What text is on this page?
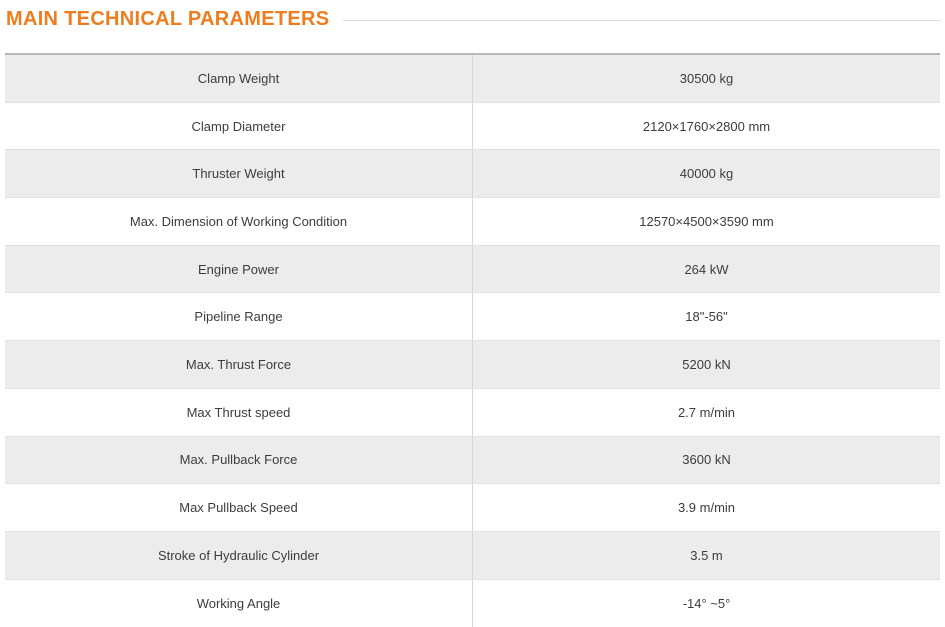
MAIN TECHNICAL PARAMETERS
Clamp Weight	30500 kg
Clamp Diameter	2120×1760×2800 mm
Thruster Weight	40000 kg
Max. Dimension of Working Condition	12570×4500×3590 mm
Engine Power	264 kW
Pipeline Range	18"-56"
Max. Thrust Force	5200 kN
Max Thrust speed	2.7 m/min
Max. Pullback Force	3600 kN
Max Pullback Speed	3.9 m/min
Stroke of Hydraulic Cylinder	3.5 m
Working Angle	-14° ~5°
